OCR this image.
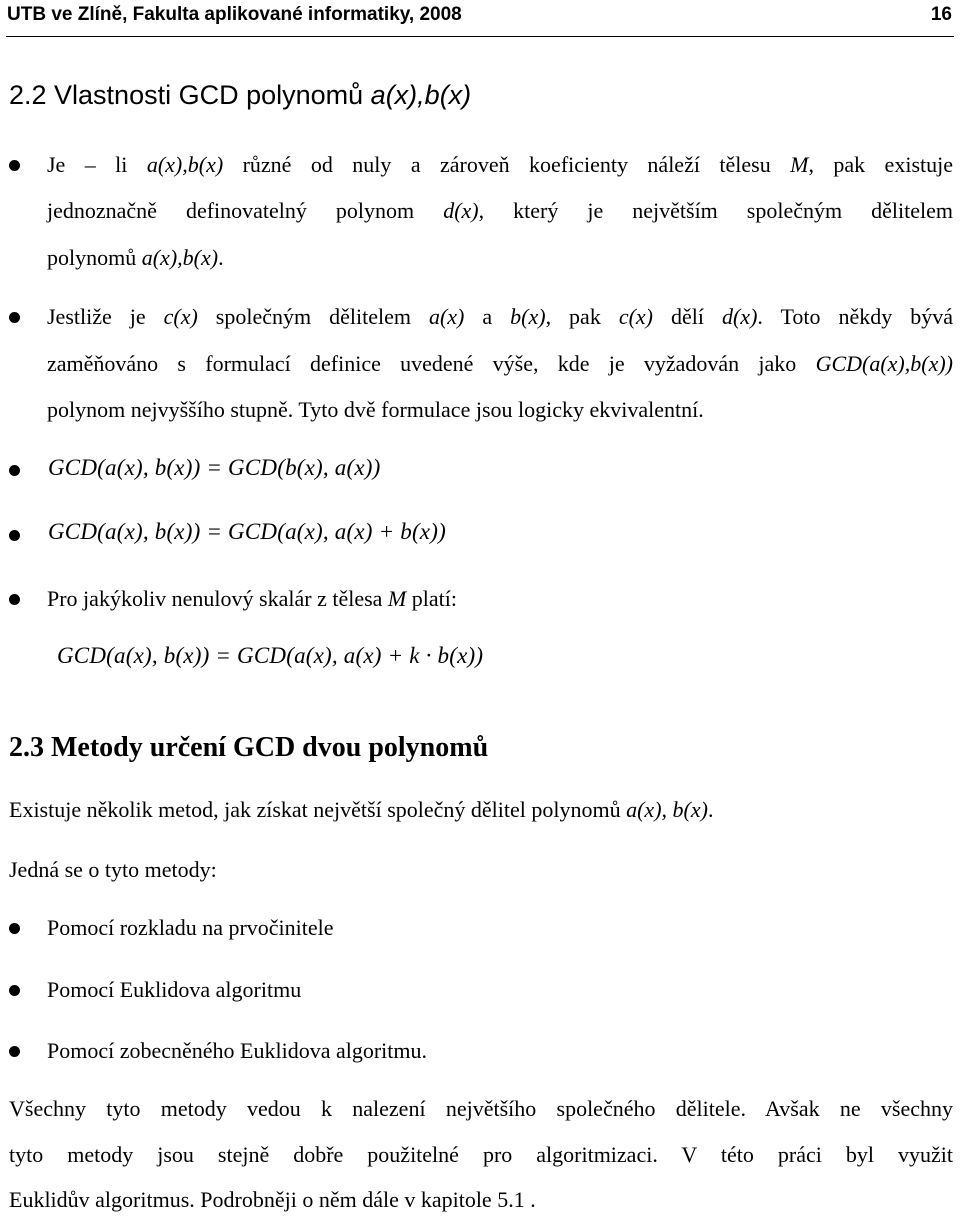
UTB ve Zlíně, Fakulta aplikované informatiky, 2008	16
2.2 Vlastnosti GCD polynomů a(x),b(x)
Je – li a(x),b(x) různé od nuly a zároveň koeficienty náleží tělesu M, pak existuje
jednoznačně definovatelný polynom d(x), který je největším společným dělitelem
polynomů a(x),b(x).
Jestliže je c(x) společným dělitelem a(x) a b(x), pak c(x) dělí d(x). Toto někdy bývá
zaměňováno s formulací definice uvedené výše, kde je vyžadován jako GCD(a(x),b(x))
polynom nejvyššího stupně. Tyto dvě formulace jsou logicky ekvivalentní.
GCD(a(x), b(x)) = GCD(b(x), a(x))
GCD(a(x), b(x)) = GCD(a(x), a(x) + b(x))
Pro jakýkoliv nenulový skalár z tělesa M platí:
GCD(a(x), b(x)) = GCD(a(x), a(x) + k · b(x))
2.3 Metody určení GCD dvou polynomů
Existuje několik metod, jak získat největší společný dělitel polynomů a(x), b(x).
Jedná se o tyto metody:
Pomocí rozkladu na prvočinitele
Pomocí Euklidova algoritmu
Pomocí zobecněného Euklidova algoritmu.
Všechny tyto metody vedou k nalezení největšího společného dělitele. Avšak ne všechny
tyto metody jsou stejně dobře použitelné pro algoritmizaci. V této práci byl využit
Euklidův algoritmus. Podrobněji o něm dále v kapitole 5.1 .
